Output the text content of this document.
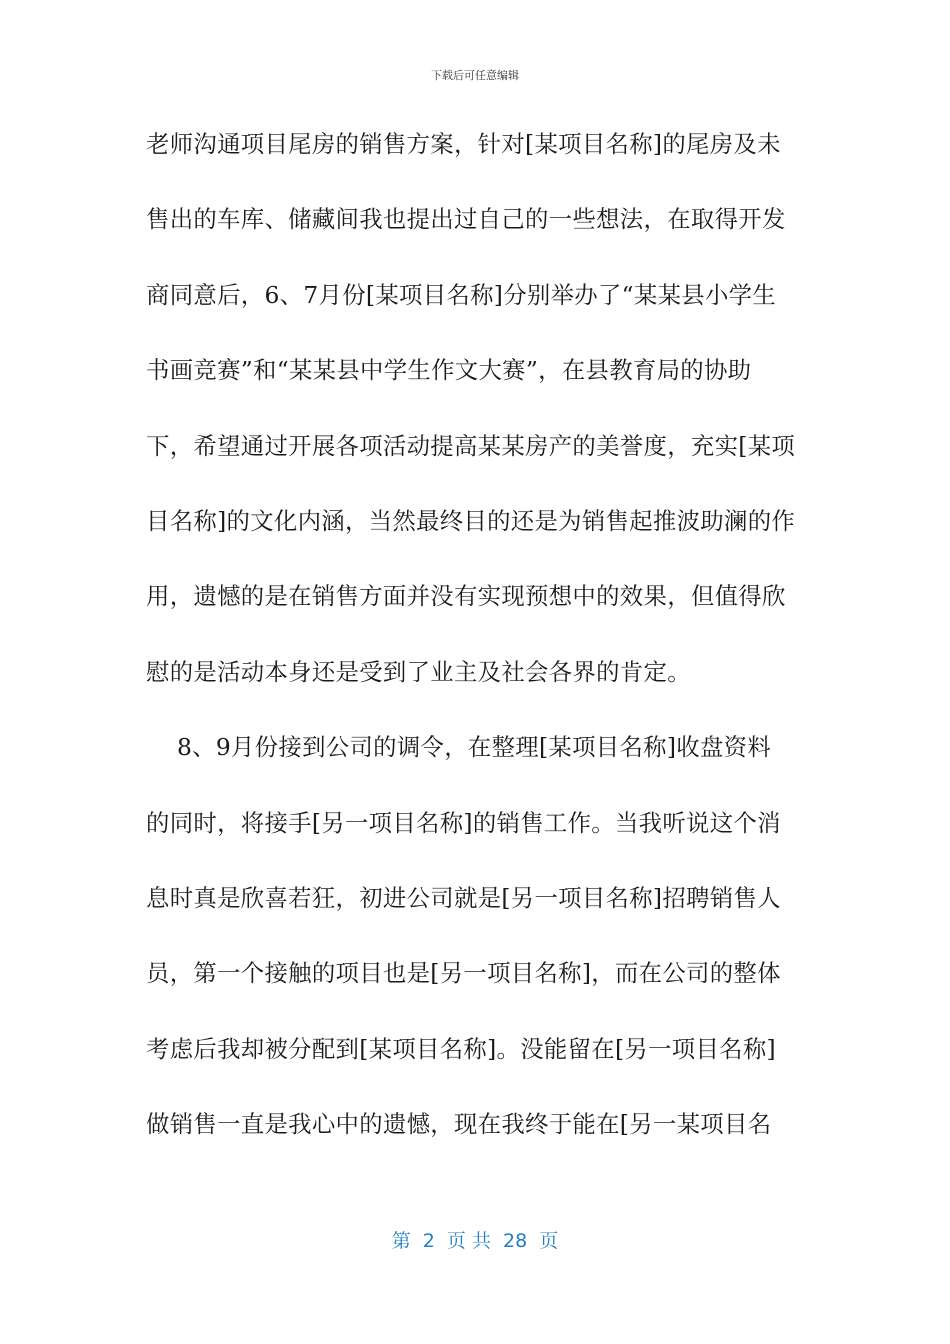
下载后可任意编辑
老师沟通项目尾房的销售方案，针对[某项目名称]的尾房及未
售出的车库、储藏间我也提出过自己的一些想法，在取得开发
商同意后，6、7月份[某项目名称]分别举办了“某某县小学生
书画竞赛”和“某某县中学生作文大赛”，在县教育局的协助
下，希望通过开展各项活动提高某某房产的美誉度，充实[某项
目名称]的文化内涵，当然最终目的还是为销售起推波助澜的作
用，遗憾的是在销售方面并没有实现预想中的效果，但值得欣
慰的是活动本身还是受到了业主及社会各界的肯定。
8、9月份接到公司的调令，在整理[某项目名称]收盘资料
的同时，将接手[另一项目名称]的销售工作。当我听说这个消
息时真是欣喜若狂，初进公司就是[另一项目名称]招聘销售人
员，第一个接触的项目也是[另一项目名称]，而在公司的整体
考虑后我却被分配到[某项目名称]。没能留在[另一项目名称]
做销售一直是我心中的遗憾，现在我终于能在[另一某项目名
第  2  页 共  28  页
